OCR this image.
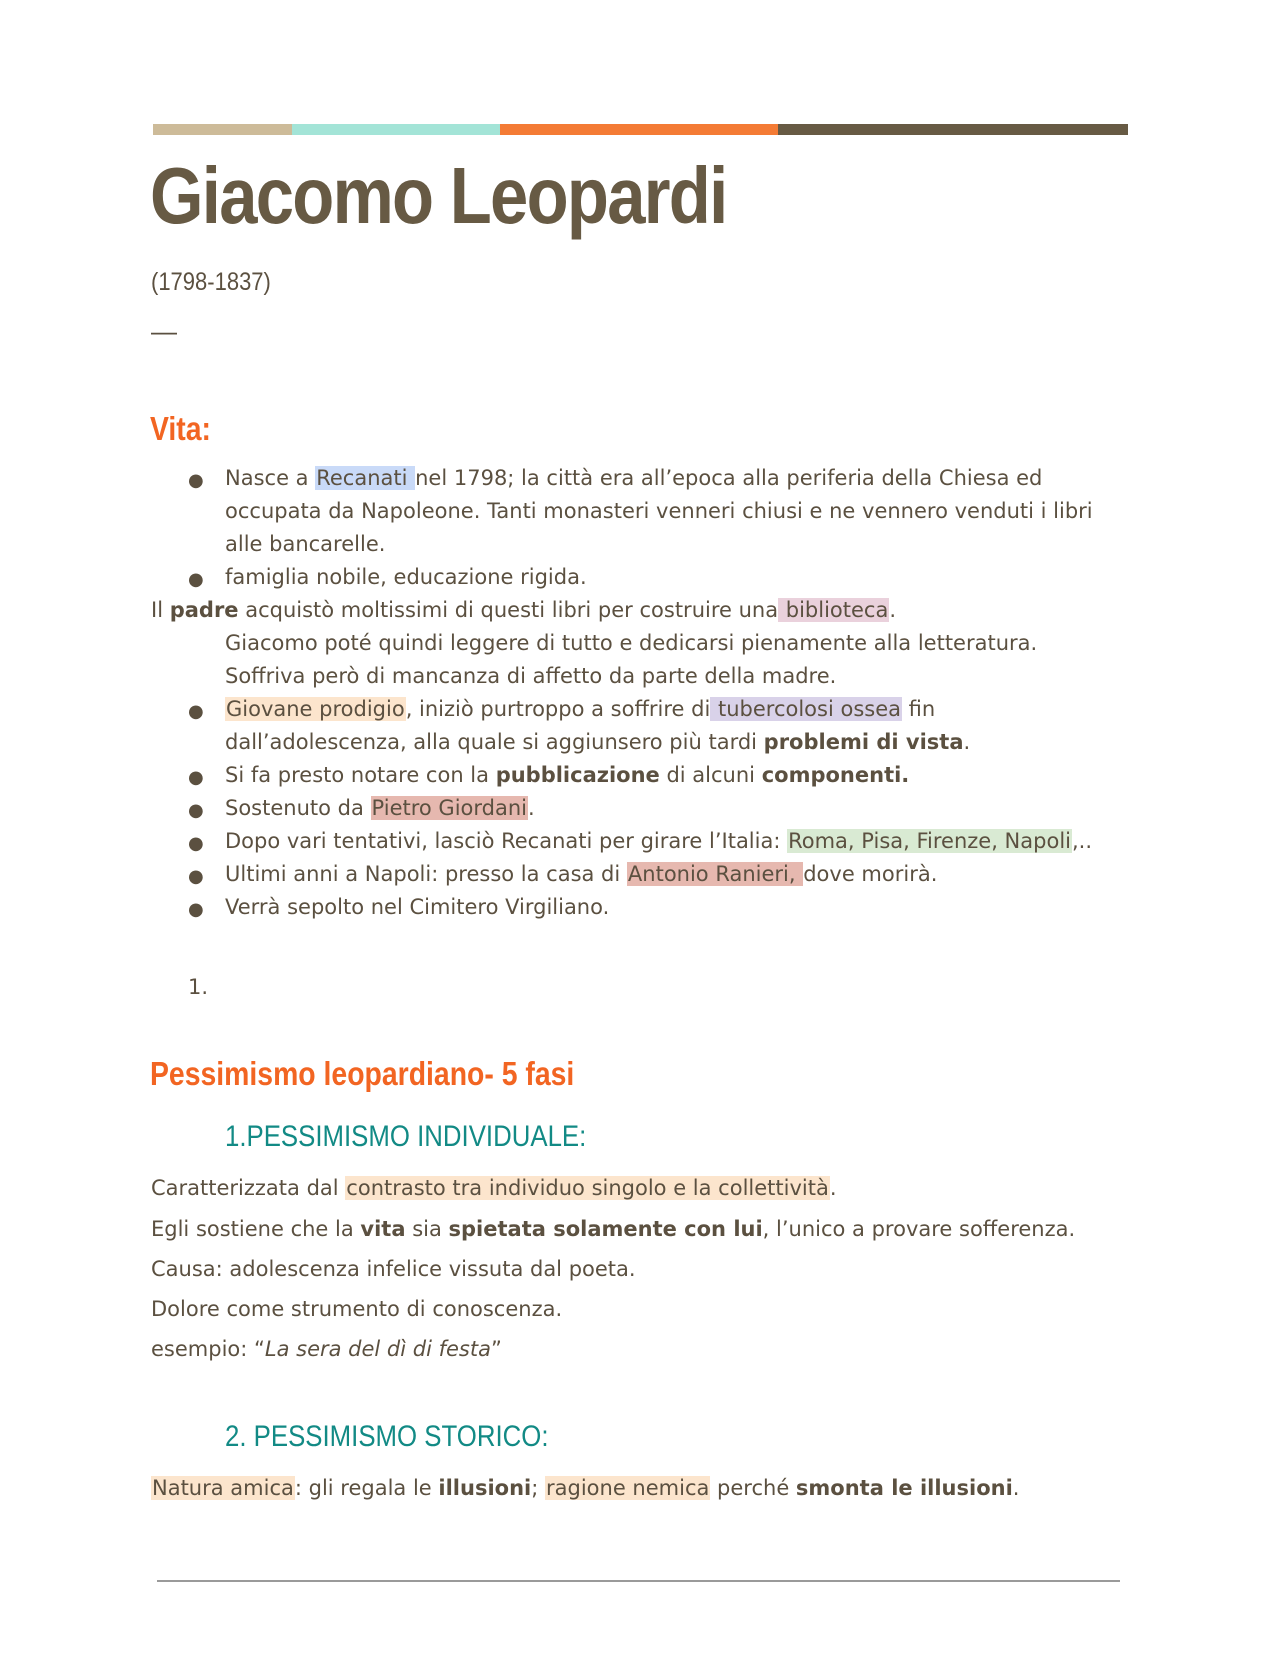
Giacomo Leopardi
(1798-1837)
—
Vita:
● Nasce a Recanati nel 1798; la città era all’epoca alla periferia della Chiesa ed
occupata da Napoleone. Tanti monasteri venneri chiusi e ne vennero venduti i libri
alle bancarelle.
● famiglia nobile, educazione rigida.
Il padre acquistò moltissimi di questi libri per costruire una biblioteca.
Giacomo poté quindi leggere di tutto e dedicarsi pienamente alla letteratura.
Soffriva però di mancanza di affetto da parte della madre.
● Giovane prodigio, iniziò purtroppo a soffrire di tubercolosi ossea fin
dall’adolescenza, alla quale si aggiunsero più tardi problemi di vista.
● Si fa presto notare con la pubblicazione di alcuni componenti.
● Sostenuto da Pietro Giordani.
● Dopo vari tentativi, lasciò Recanati per girare l’Italia: Roma, Pisa, Firenze, Napoli,..
● Ultimi anni a Napoli: presso la casa di Antonio Ranieri, dove morirà.
● Verrà sepolto nel Cimitero Virgiliano.
1.
Pessimismo leopardiano- 5 fasi
1.PESSIMISMO INDIVIDUALE:
Caratterizzata dal contrasto tra individuo singolo e la collettività.
Egli sostiene che la vita sia spietata solamente con lui, l’unico a provare sofferenza.
Causa: adolescenza infelice vissuta dal poeta.
Dolore come strumento di conoscenza.
esempio: “La sera del dì di festa”
2. PESSIMISMO STORICO:
Natura amica: gli regala le illusioni; ragione nemica perché smonta le illusioni.
